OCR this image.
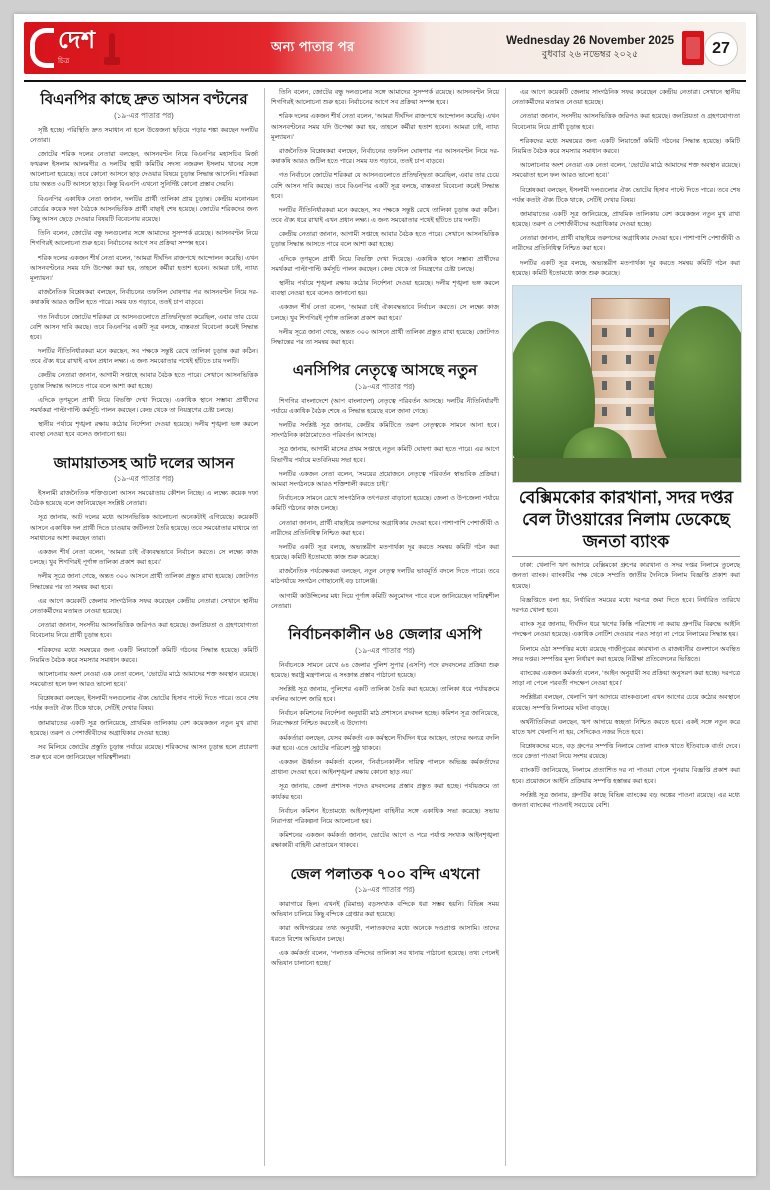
দেশ
চিত্র
অন্য পাতার পর	Wednesday 26 November 2025
বুধবার ২৬ নভেম্বর ২০২৫	27
বিএনপির কাছে দ্রুত আসন বণ্টনের
(১৯-এর পাতার পর)

সৃষ্টি হচ্ছে। পরিস্থিতি দ্রুত সমাধান না হলে উত্তেজনা ছড়িয়ে পড়ার শঙ্কা করছেন দলটির নেতারা।

জোটের শরিক দলের নেতারা বলছেন, আসনবণ্টন নিয়ে বিএনপির মহাসচিব মির্জা ফখরুল ইসলাম আলমগীর ও দলটির স্থায়ী কমিটির সদস্য নজরুল ইসলাম খানের সঙ্গে আলোচনা হয়েছে। তবে কোনো আসনে ছাড় দেওয়ার বিষয়ে চূড়ান্ত সিদ্ধান্ত আসেনি। শরিকরা চায় অন্তত ৩০টি আসনে ছাড়। কিন্তু বিএনপি এখনো সুনির্দিষ্ট কোনো প্রস্তাব দেয়নি।

বিএনপির একাধিক নেতা জানান, দলটির প্রার্থী তালিকা প্রায় চূড়ান্ত। কেন্দ্রীয় মনোনয়ন বোর্ডের কয়েক দফা বৈঠকে আসনভিত্তিক প্রার্থী বাছাই শেষ হয়েছে। জোটের শরিকদের জন্য কিছু আসন ছেড়ে দেওয়ার বিষয়টি বিবেচনায় রয়েছে।

তিনি বলেন, জোটের বন্ধু দলগুলোর সঙ্গে আমাদের সুসম্পর্ক রয়েছে। আসনবণ্টন নিয়ে শিগগিরই আলোচনা শুরু হবে। নির্বাচনের আগে সব প্রক্রিয়া সম্পন্ন হবে।

শরিক দলের একজন শীর্ষ নেতা বলেন, ‘আমরা দীর্ঘদিন রাজপথে আন্দোলন করেছি। এখন আসনবণ্টনের সময় যদি উপেক্ষা করা হয়, তাহলে কর্মীরা হতাশ হবেন। আমরা চাই, ন্যায্য মূল্যায়ন।’

রাজনৈতিক বিশ্লেষকরা বলছেন, নির্বাচনের তফসিল ঘোষণার পর আসনবণ্টন নিয়ে দর-কষাকষি আরও জটিল হতে পারে। সময় যত গড়াবে, ততই চাপ বাড়বে।

গত নির্বাচনে জোটের শরিকরা যে আসনগুলোতে প্রতিদ্বন্দ্বিতা করেছিল, এবার তার চেয়ে বেশি আসন দাবি করছে। তবে বিএনপির একটি সূত্র বলছে, বাস্তবতা বিবেচনা করেই সিদ্ধান্ত হবে।

দলটির নীতিনির্ধারকরা মনে করছেন, সব পক্ষকে সন্তুষ্ট রেখে তালিকা চূড়ান্ত করা কঠিন। তবে ঐক্য ধরে রাখাই এখন প্রধান লক্ষ্য। এ জন্য সমঝোতার পথেই হাঁটতে চায় দলটি।

কেন্দ্রীয় নেতারা জানান, আগামী সপ্তাহে আবার বৈঠক হতে পারে। সেখানে আসনভিত্তিক চূড়ান্ত সিদ্ধান্ত আসতে পারে বলে আশা করা হচ্ছে।

এদিকে তৃণমূলে প্রার্থী নিয়ে বিভক্তি দেখা দিয়েছে। একাধিক স্থানে সম্ভাব্য প্রার্থীদের সমর্থকরা পাল্টাপাল্টি কর্মসূচি পালন করছেন। কেন্দ্র থেকে তা নিয়ন্ত্রণের চেষ্টা চলছে।

স্থানীয় পর্যায়ে শৃঙ্খলা রক্ষায় কঠোর নির্দেশনা দেওয়া হয়েছে। দলীয় শৃঙ্খলা ভঙ্গ করলে ব্যবস্থা নেওয়া হবে বলেও জানানো হয়।

জামায়াতসহ আট দলের আসন
(১৯-এর পাতার পর)

ইসলামী রাজনৈতিক শক্তিগুলো আসন সমঝোতায় কৌশল নিচ্ছে। এ লক্ষ্যে কয়েক দফা বৈঠক হয়েছে বলে জানিয়েছেন সংশ্লিষ্ট নেতারা।

সূত্র জানায়, আট দলের মধ্যে আসনভিত্তিক আলোচনা অনেকটাই এগিয়েছে। কয়েকটি আসনে একাধিক দল প্রার্থী দিতে চাওয়ায় জটিলতা তৈরি হয়েছে। তবে সমঝোতার মাধ্যমে তা সমাধানের আশা করছেন তারা।

একজন শীর্ষ নেতা বলেন, ‘আমরা চাই ঐক্যবদ্ধভাবে নির্বাচন করতে। সে লক্ষ্যে কাজ চলছে। খুব শিগগিরই পূর্ণাঙ্গ তালিকা প্রকাশ করা হবে।’

দলীয় সূত্রে জানা গেছে, অন্তত ৩০০ আসনে প্রার্থী তালিকা প্রস্তুত রাখা হয়েছে। জোটগত সিদ্ধান্তের পর তা সমন্বয় করা হবে।

এর আগে কয়েকটি জেলায় সাংগঠনিক সফর করেছেন কেন্দ্রীয় নেতারা। সেখানে স্থানীয় নেতাকর্মীদের মতামত নেওয়া হয়েছে।

নেতারা জানান, সংসদীয় আসনভিত্তিক জরিপও করা হয়েছে। জনপ্রিয়তা ও গ্রহণযোগ্যতা বিবেচনায় নিয়ে প্রার্থী চূড়ান্ত হবে।

শরিকদের মধ্যে সমন্বয়ের জন্য একটি লিয়াজোঁ কমিটি গঠনের সিদ্ধান্ত হয়েছে। কমিটি নিয়মিত বৈঠক করে সমস্যার সমাধান করবে।

আলোচনায় অংশ নেওয়া এক নেতা বলেন, ‘ভোটের মাঠে আমাদের শক্ত অবস্থান রয়েছে। সমঝোতা হলে ফল আরও ভালো হবে।’

বিশ্লেষকরা বলছেন, ইসলামী দলগুলোর ঐক্য ভোটের হিসাব পাল্টে দিতে পারে। তবে শেষ পর্যন্ত কতটা ঐক্য টিকে থাকে, সেটিই দেখার বিষয়।

জামায়াতের একটি সূত্র জানিয়েছে, প্রাথমিক তালিকায় বেশ কয়েকজন নতুন মুখ রাখা হয়েছে। তরুণ ও পেশাজীবীদের অগ্রাধিকার দেওয়া হচ্ছে।

সব মিলিয়ে জোটের প্রস্তুতি চূড়ান্ত পর্যায়ে রয়েছে। শরিকদের আসন চূড়ান্ত হলে প্রচারণা শুরু হবে বলে জানিয়েছেন দায়িত্বশীলরা।

তিনি বলেন, জোটের বন্ধু দলগুলোর সঙ্গে আমাদের সুসম্পর্ক রয়েছে। আসনবণ্টন নিয়ে শিগগিরই আলোচনা শুরু হবে। নির্বাচনের আগে সব প্রক্রিয়া সম্পন্ন হবে।

শরিক দলের একজন শীর্ষ নেতা বলেন, ‘আমরা দীর্ঘদিন রাজপথে আন্দোলন করেছি। এখন আসনবণ্টনের সময় যদি উপেক্ষা করা হয়, তাহলে কর্মীরা হতাশ হবেন। আমরা চাই, ন্যায্য মূল্যায়ন।’

রাজনৈতিক বিশ্লেষকরা বলছেন, নির্বাচনের তফসিল ঘোষণার পর আসনবণ্টন নিয়ে দর-কষাকষি আরও জটিল হতে পারে। সময় যত গড়াবে, ততই চাপ বাড়বে।

গত নির্বাচনে জোটের শরিকরা যে আসনগুলোতে প্রতিদ্বন্দ্বিতা করেছিল, এবার তার চেয়ে বেশি আসন দাবি করছে। তবে বিএনপির একটি সূত্র বলছে, বাস্তবতা বিবেচনা করেই সিদ্ধান্ত হবে।

দলটির নীতিনির্ধারকরা মনে করছেন, সব পক্ষকে সন্তুষ্ট রেখে তালিকা চূড়ান্ত করা কঠিন। তবে ঐক্য ধরে রাখাই এখন প্রধান লক্ষ্য। এ জন্য সমঝোতার পথেই হাঁটতে চায় দলটি।

কেন্দ্রীয় নেতারা জানান, আগামী সপ্তাহে আবার বৈঠক হতে পারে। সেখানে আসনভিত্তিক চূড়ান্ত সিদ্ধান্ত আসতে পারে বলে আশা করা হচ্ছে।

এদিকে তৃণমূলে প্রার্থী নিয়ে বিভক্তি দেখা দিয়েছে। একাধিক স্থানে সম্ভাব্য প্রার্থীদের সমর্থকরা পাল্টাপাল্টি কর্মসূচি পালন করছেন। কেন্দ্র থেকে তা নিয়ন্ত্রণের চেষ্টা চলছে।

স্থানীয় পর্যায়ে শৃঙ্খলা রক্ষায় কঠোর নির্দেশনা দেওয়া হয়েছে। দলীয় শৃঙ্খলা ভঙ্গ করলে ব্যবস্থা নেওয়া হবে বলেও জানানো হয়।

একজন শীর্ষ নেতা বলেন, ‘আমরা চাই ঐক্যবদ্ধভাবে নির্বাচন করতে। সে লক্ষ্যে কাজ চলছে। খুব শিগগিরই পূর্ণাঙ্গ তালিকা প্রকাশ করা হবে।’

দলীয় সূত্রে জানা গেছে, অন্তত ৩০০ আসনে প্রার্থী তালিকা প্রস্তুত রাখা হয়েছে। জোটগত সিদ্ধান্তের পর তা সমন্বয় করা হবে।

এনসিপির নেতৃত্বে আসছে নতুন
(১৯-এর পাতার পর)

শিগগির বাংলাদেশে (আপ বাংলাদেশ) নেতৃত্বে পরিবর্তন আসছে। দলটির নীতিনির্ধারণী পর্যায়ে একাধিক বৈঠক শেষে এ সিদ্ধান্ত হয়েছে বলে জানা গেছে।

দলটির সংশ্লিষ্ট সূত্র জানায়, কেন্দ্রীয় কমিটিতে তরুণ নেতৃত্বকে সামনে আনা হবে। সাংগঠনিক কাঠামোতেও পরিবর্তন আসছে।

সূত্র জানায়, আগামী মাসের প্রথম সপ্তাহে নতুন কমিটি ঘোষণা করা হতে পারে। এর আগে বিভাগীয় পর্যায়ে মতবিনিময় সভা হবে।

দলটির একজন নেতা বলেন, ‘সময়ের প্রয়োজনে নেতৃত্বে পরিবর্তন স্বাভাবিক প্রক্রিয়া। আমরা সংগঠনকে আরও শক্তিশালী করতে চাই।’

নির্বাচনকে সামনে রেখে সাংগঠনিক তৎপরতা বাড়ানো হয়েছে। জেলা ও উপজেলা পর্যায়ে কমিটি গঠনের কাজ চলছে।

নেতারা জানান, প্রার্থী বাছাইয়ে তরুণদের অগ্রাধিকার দেওয়া হবে। পাশাপাশি পেশাজীবী ও নারীদের প্রতিনিধিত্ব নিশ্চিত করা হবে।

দলটির একটি সূত্র বলছে, অভ্যন্তরীণ মতপার্থক্য দূর করতে সমন্বয় কমিটি গঠন করা হয়েছে। কমিটি ইতোমধ্যে কাজ শুরু করেছে।

রাজনৈতিক পর্যবেক্ষকরা বলছেন, নতুন নেতৃত্ব দলটির ভাবমূর্তি বদলে দিতে পারে। তবে মাঠপর্যায়ে সংগঠন গোছানোই বড় চ্যালেঞ্জ।

আগামী কাউন্সিলের মধ্য দিয়ে পূর্ণাঙ্গ কমিটি অনুমোদন পাবে বলে জানিয়েছেন দায়িত্বশীল নেতারা।

নির্বাচনকালীন ৬৪ জেলার এসপি
(১৯-এর পাতার পর)

নির্বাচনকে সামনে রেখে ৬৪ জেলার পুলিশ সুপার (এসপি) পদে রদবদলের প্রক্রিয়া শুরু হয়েছে। স্বরাষ্ট্র মন্ত্রণালয়ে এ সংক্রান্ত প্রস্তাব পাঠানো হয়েছে।

সংশ্লিষ্ট সূত্র জানায়, পুলিশের একটি তালিকা তৈরি করা হয়েছে। তালিকা ধরে পর্যায়ক্রমে বদলির আদেশ জারি হবে।

নির্বাচন কমিশনের নির্দেশনা অনুযায়ী মাঠ প্রশাসনে রদবদল হচ্ছে। কমিশন সূত্র জানিয়েছে, নিরপেক্ষতা নিশ্চিত করতেই এ উদ্যোগ।

কর্মকর্তারা বলছেন, যেসব কর্মকর্তা এক কর্মস্থলে দীর্ঘদিন ধরে আছেন, তাদের অন্যত্র বদলি করা হবে। এতে ভোটের পরিবেশ সুষ্ঠু থাকবে।

একজন ঊর্ধ্বতন কর্মকর্তা বলেন, ‘নির্বাচনকালীন দায়িত্ব পালনে অভিজ্ঞ কর্মকর্তাদের প্রাধান্য দেওয়া হবে। আইনশৃঙ্খলা রক্ষায় কোনো ছাড় নয়।’

সূত্র জানায়, জেলা প্রশাসক পদেও রদবদলের প্রস্তাব প্রস্তুত করা হচ্ছে। পর্যায়ক্রমে তা কার্যকর হবে।

নির্বাচন কমিশন ইতোমধ্যে আইনশৃঙ্খলা বাহিনীর সঙ্গে একাধিক সভা করেছে। সভায় নিরাপত্তা পরিকল্পনা নিয়ে আলোচনা হয়।

কমিশনের একজন কর্মকর্তা জানান, ভোটের আগে ও পরে পর্যাপ্ত সংখ্যক আইনশৃঙ্খলা রক্ষাকারী বাহিনী মোতায়েন থাকবে।

জেল পলাতক ৭০০ বন্দি এখনো
(১৯-এর পাতার পর)

কারাগারে ছিল। এখনই (রিমান্ড) বড়সংখ্যক বন্দিকে ধরা সম্ভব হয়নি। বিভিন্ন সময় অভিযান চালিয়ে কিছু বন্দিকে গ্রেপ্তার করা হয়েছে।

কারা অধিদপ্তরের তথ্য অনুযায়ী, পলাতকদের মধ্যে অনেকে দণ্ডপ্রাপ্ত আসামি। তাদের ধরতে বিশেষ অভিযান চলছে।

এক কর্মকর্তা বলেন, ‘পলাতক বন্দিদের তালিকা সব থানায় পাঠানো হয়েছে। তথ্য পেলেই অভিযান চালানো হচ্ছে।’

এর আগে কয়েকটি জেলায় সাংগঠনিক সফর করেছেন কেন্দ্রীয় নেতারা। সেখানে স্থানীয় নেতাকর্মীদের মতামত নেওয়া হয়েছে।

নেতারা জানান, সংসদীয় আসনভিত্তিক জরিপও করা হয়েছে। জনপ্রিয়তা ও গ্রহণযোগ্যতা বিবেচনায় নিয়ে প্রার্থী চূড়ান্ত হবে।

শরিকদের মধ্যে সমন্বয়ের জন্য একটি লিয়াজোঁ কমিটি গঠনের সিদ্ধান্ত হয়েছে। কমিটি নিয়মিত বৈঠক করে সমস্যার সমাধান করবে।

আলোচনায় অংশ নেওয়া এক নেতা বলেন, ‘ভোটের মাঠে আমাদের শক্ত অবস্থান রয়েছে। সমঝোতা হলে ফল আরও ভালো হবে।’

বিশ্লেষকরা বলছেন, ইসলামী দলগুলোর ঐক্য ভোটের হিসাব পাল্টে দিতে পারে। তবে শেষ পর্যন্ত কতটা ঐক্য টিকে থাকে, সেটিই দেখার বিষয়।

জামায়াতের একটি সূত্র জানিয়েছে, প্রাথমিক তালিকায় বেশ কয়েকজন নতুন মুখ রাখা হয়েছে। তরুণ ও পেশাজীবীদের অগ্রাধিকার দেওয়া হচ্ছে।

নেতারা জানান, প্রার্থী বাছাইয়ে তরুণদের অগ্রাধিকার দেওয়া হবে। পাশাপাশি পেশাজীবী ও নারীদের প্রতিনিধিত্ব নিশ্চিত করা হবে।

দলটির একটি সূত্র বলছে, অভ্যন্তরীণ মতপার্থক্য দূর করতে সমন্বয় কমিটি গঠন করা হয়েছে। কমিটি ইতোমধ্যে কাজ শুরু করেছে।

বেক্সিমকোর কারখানা, সদর দপ্তর বেল টাওয়ারের নিলাম ডেকেছে জনতা ব্যাংক

ঢাকা: খেলাপি ঋণ আদায়ে বেক্সিমকো গ্রুপের কারখানা ও সদর দপ্তর নিলামে তুলেছে জনতা ব্যাংক। ব্যাংকটির পক্ষ থেকে সম্প্রতি জাতীয় দৈনিকে নিলাম বিজ্ঞপ্তি প্রকাশ করা হয়েছে।

বিজ্ঞপ্তিতে বলা হয়, নির্ধারিত সময়ের মধ্যে দরপত্র জমা দিতে হবে। নির্ধারিত তারিখে দরপত্র খোলা হবে।

ব্যাংক সূত্র জানায়, দীর্ঘদিন ধরে ঋণের কিস্তি পরিশোধ না করায় গ্রুপটির বিরুদ্ধে আইনি পদক্ষেপ নেওয়া হয়েছে। একাধিক নোটিশ দেওয়ার পরও সাড়া না পেয়ে নিলামের সিদ্ধান্ত হয়।

নিলামে ওঠা সম্পত্তির মধ্যে রয়েছে গাজীপুরের কারখানা ও রাজধানীর গুলশানে অবস্থিত সদর দপ্তর। সম্পত্তির মূল্য নির্ধারণ করা হয়েছে নিরীক্ষা প্রতিবেদনের ভিত্তিতে।

ব্যাংকের একজন কর্মকর্তা বলেন, ‘আইন অনুযায়ী সব প্রক্রিয়া অনুসরণ করা হচ্ছে। দরপত্রে সাড়া না পেলে পরবর্তী পদক্ষেপ নেওয়া হবে।’

সংশ্লিষ্টরা বলছেন, খেলাপি ঋণ আদায়ে ব্যাংকগুলো এখন আগের চেয়ে কঠোর অবস্থানে রয়েছে। সম্পত্তি নিলামের ঘটনা বাড়ছে।

অর্থনীতিবিদরা বলছেন, ঋণ আদায়ে স্বচ্ছতা নিশ্চিত করতে হবে। একই সঙ্গে নতুন করে যাতে ঋণ খেলাপি না হয়, সেদিকেও নজর দিতে হবে।

বিশ্লেষকদের মতে, বড় গ্রুপের সম্পত্তি নিলামে তোলা ব্যাংক খাতে ইতিবাচক বার্তা দেবে। তবে ক্রেতা পাওয়া নিয়ে সংশয় রয়েছে।

ব্যাংকটি জানিয়েছে, নিলামে প্রত্যাশিত দর না পাওয়া গেলে পুনরায় বিজ্ঞপ্তি প্রকাশ করা হবে। প্রয়োজনে আইনি প্রক্রিয়ায় সম্পত্তি হস্তান্তর করা হবে।

সংশ্লিষ্ট সূত্র জানায়, গ্রুপটির কাছে বিভিন্ন ব্যাংকের বড় অঙ্কের পাওনা রয়েছে। এর মধ্যে জনতা ব্যাংকের পাওনাই সবচেয়ে বেশি।
